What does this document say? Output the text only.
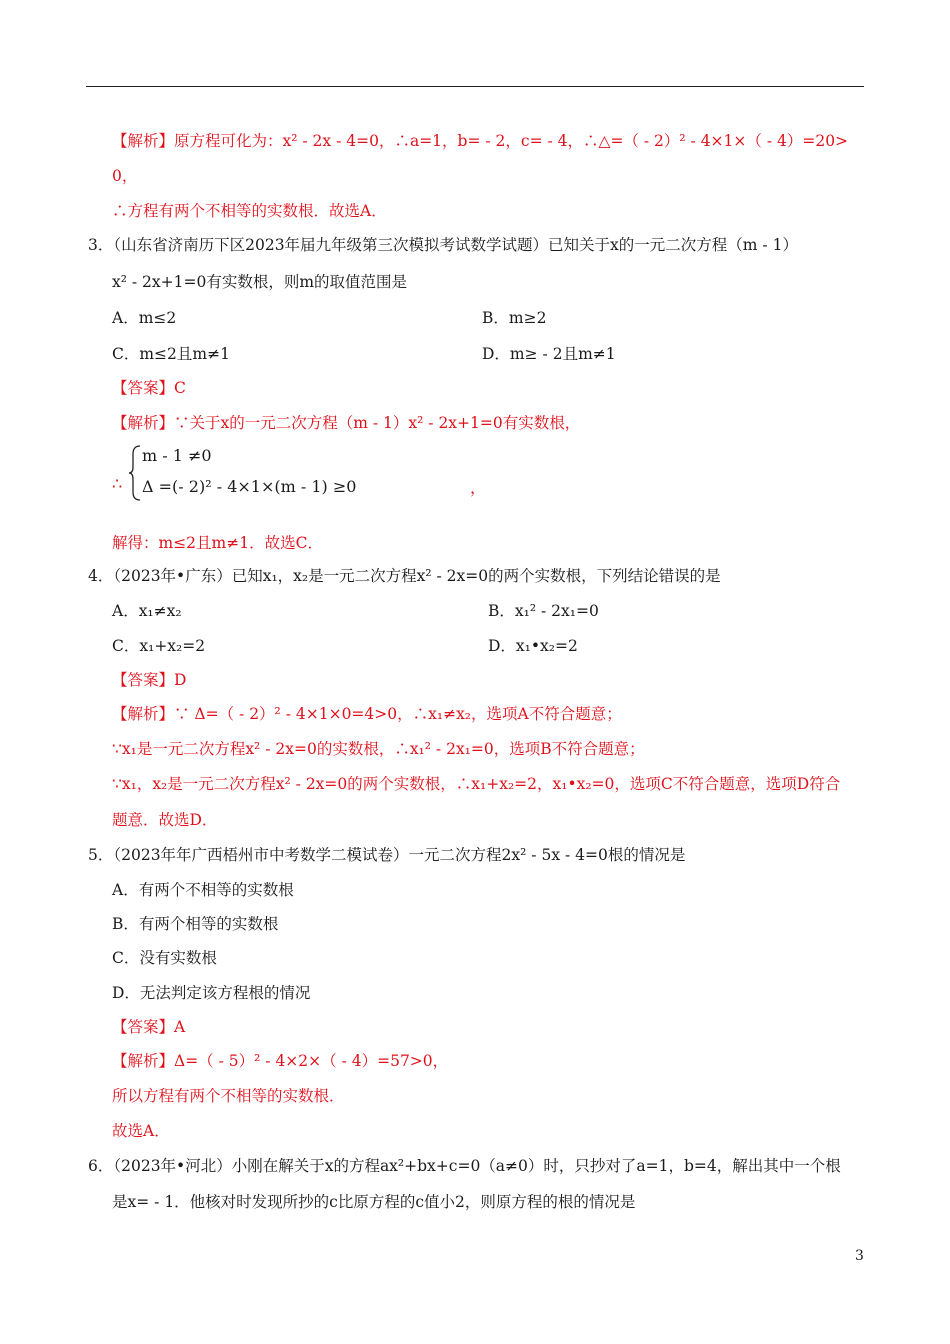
【解析】原方程可化为：x² - 2x - 4=0，∴a=1，b= - 2，c= - 4，∴△=（ - 2）² - 4×1×（ - 4）=20>
0，
∴方程有两个不相等的实数根．故选A．
3．（山东省济南历下区2023年届九年级第三次模拟考试数学试题）已知关于x的一元二次方程（m - 1）
x² - 2x+1=0有实数根，则m的取值范围是
A．m≤2	B．m≥2
C．m≤2且m≠1	D．m≥ - 2且m≠1
【答案】C
【解析】∵关于x的一元二次方程（m - 1）x² - 2x+1=0有实数根，
∴
m - 1 ≠0
Δ =(- 2)² - 4×1×(m - 1) ≥0	，
解得：m≤2且m≠1．故选C．
4．（2023年•广东）已知x₁，x₂是一元二次方程x² - 2x=0的两个实数根，下列结论错误的是
A．x₁≠x₂	B．x₁² - 2x₁=0
C．x₁+x₂=2	D．x₁•x₂=2
【答案】D
【解析】∵ Δ=（ - 2）² - 4×1×0=4>0，∴x₁≠x₂，选项A不符合题意；
∵x₁是一元二次方程x² - 2x=0的实数根，∴x₁² - 2x₁=0，选项B不符合题意；
∵x₁，x₂是一元二次方程x² - 2x=0的两个实数根，∴x₁+x₂=2，x₁•x₂=0，选项C不符合题意，选项D符合
题意．故选D．
5．（2023年年广西梧州市中考数学二模试卷）一元二次方程2x² - 5x - 4=0根的情况是
A．有两个不相等的实数根
B．有两个相等的实数根
C．没有实数根
D．无法判定该方程根的情况
【答案】A
【解析】Δ=（ - 5）² - 4×2×（ - 4）=57>0，
所以方程有两个不相等的实数根．
故选A．
6．（2023年•河北）小刚在解关于x的方程ax²+bx+c=0（a≠0）时，只抄对了a=1，b=4，解出其中一个根
是x= - 1．他核对时发现所抄的c比原方程的c值小2，则原方程的根的情况是
3
